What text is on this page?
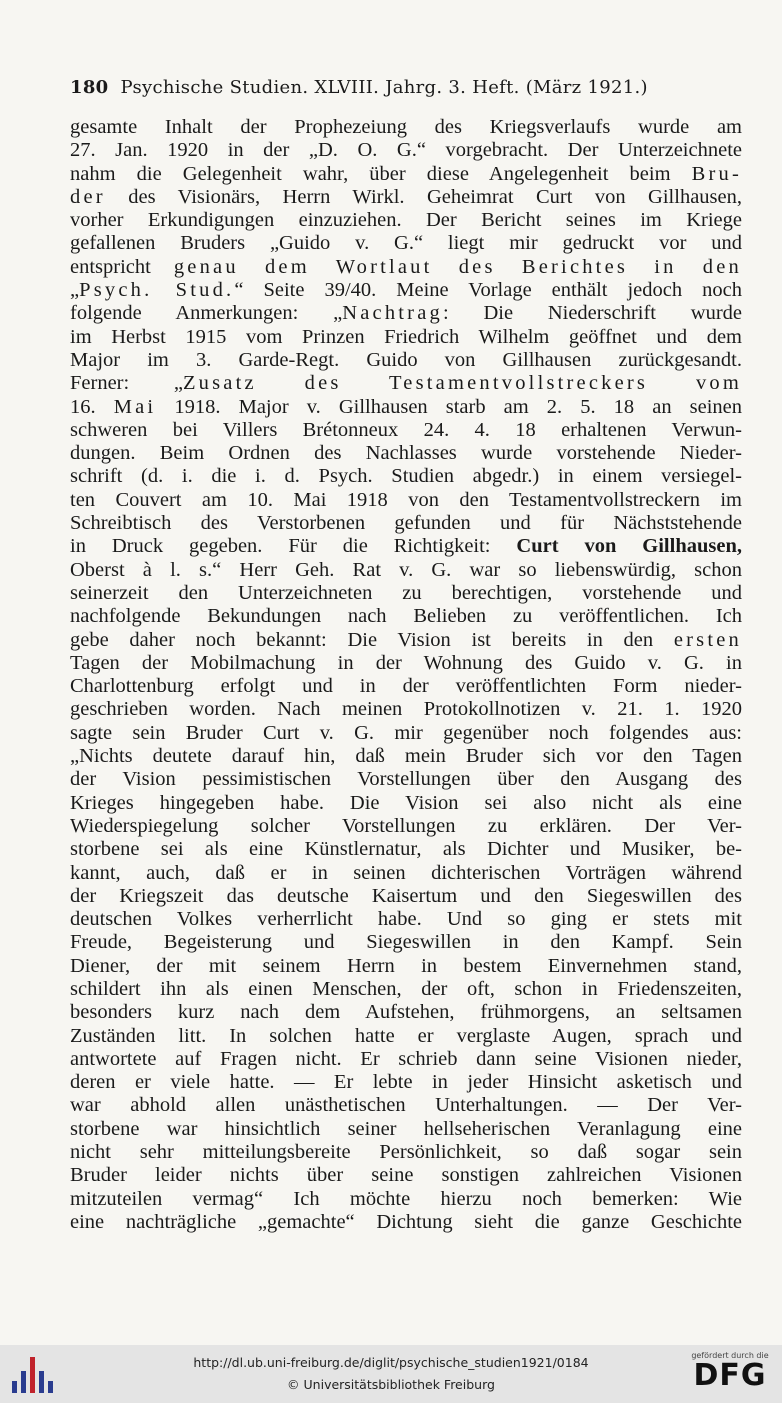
180 Psychische Studien. XLVIII. Jahrg. 3. Heft. (März 1921.)
gesamte Inhalt der Prophezeiung des Kriegsverlaufs wurde am
27. Jan. 1920 in der „D. O. G.“ vorgebracht. Der Unterzeichnete
nahm die Gelegenheit wahr, über diese Angelegenheit beim Bru-
der des Visionärs, Herrn Wirkl. Geheimrat Curt von Gillhausen,
vorher Erkundigungen einzuziehen. Der Bericht seines im Kriege
gefallenen Bruders „Guido v. G.“ liegt mir gedruckt vor und
entspricht genau dem Wortlaut des Berichtes in den
„Psych. Stud.“ Seite 39/40. Meine Vorlage enthält jedoch noch
folgende Anmerkungen: „Nachtrag: Die Niederschrift wurde
im Herbst 1915 vom Prinzen Friedrich Wilhelm geöffnet und dem
Major im 3. Garde-Regt. Guido von Gillhausen zurückgesandt.
Ferner: „Zusatz des Testamentvollstreckers vom
16. Mai 1918. Major v. Gillhausen starb am 2. 5. 18 an seinen
schweren bei Villers Brétonneux 24. 4. 18 erhaltenen Verwun-
dungen. Beim Ordnen des Nachlasses wurde vorstehende Nieder-
schrift (d. i. die i. d. Psych. Studien abgedr.) in einem versiegel-
ten Couvert am 10. Mai 1918 von den Testamentvollstreckern im
Schreibtisch des Verstorbenen gefunden und für Nächststehende
in Druck gegeben. Für die Richtigkeit: Curt von Gillhausen,
Oberst à l. s.“ Herr Geh. Rat v. G. war so liebenswürdig, schon
seinerzeit den Unterzeichneten zu berechtigen, vorstehende und
nachfolgende Bekundungen nach Belieben zu veröffentlichen. Ich
gebe daher noch bekannt: Die Vision ist bereits in den ersten
Tagen der Mobilmachung in der Wohnung des Guido v. G. in
Charlottenburg erfolgt und in der veröffentlichten Form nieder-
geschrieben worden. Nach meinen Protokollnotizen v. 21. 1. 1920
sagte sein Bruder Curt v. G. mir gegenüber noch folgendes aus:
„Nichts deutete darauf hin, daß mein Bruder sich vor den Tagen
der Vision pessimistischen Vorstellungen über den Ausgang des
Krieges hingegeben habe. Die Vision sei also nicht als eine
Wiederspiegelung solcher Vorstellungen zu erklären. Der Ver-
storbene sei als eine Künstlernatur, als Dichter und Musiker, be-
kannt, auch, daß er in seinen dichterischen Vorträgen während
der Kriegszeit das deutsche Kaisertum und den Siegeswillen des
deutschen Volkes verherrlicht habe. Und so ging er stets mit
Freude, Begeisterung und Siegeswillen in den Kampf. Sein
Diener, der mit seinem Herrn in bestem Einvernehmen stand,
schildert ihn als einen Menschen, der oft, schon in Friedenszeiten,
besonders kurz nach dem Aufstehen, frühmorgens, an seltsamen
Zuständen litt. In solchen hatte er verglaste Augen, sprach und
antwortete auf Fragen nicht. Er schrieb dann seine Visionen nieder,
deren er viele hatte. — Er lebte in jeder Hinsicht asketisch und
war abhold allen unästhetischen Unterhaltungen. — Der Ver-
storbene war hinsichtlich seiner hellseherischen Veranlagung eine
nicht sehr mitteilungsbereite Persönlichkeit, so daß sogar sein
Bruder leider nichts über seine sonstigen zahlreichen Visionen
mitzuteilen vermag“ Ich möchte hierzu noch bemerken: Wie
eine nachträgliche „gemachte“ Dichtung sieht die ganze Geschichte
http://dl.ub.uni-freiburg.de/diglit/psychische_studien1921/0184
© Universitätsbibliothek Freiburg
gefördert durch die
DFG
